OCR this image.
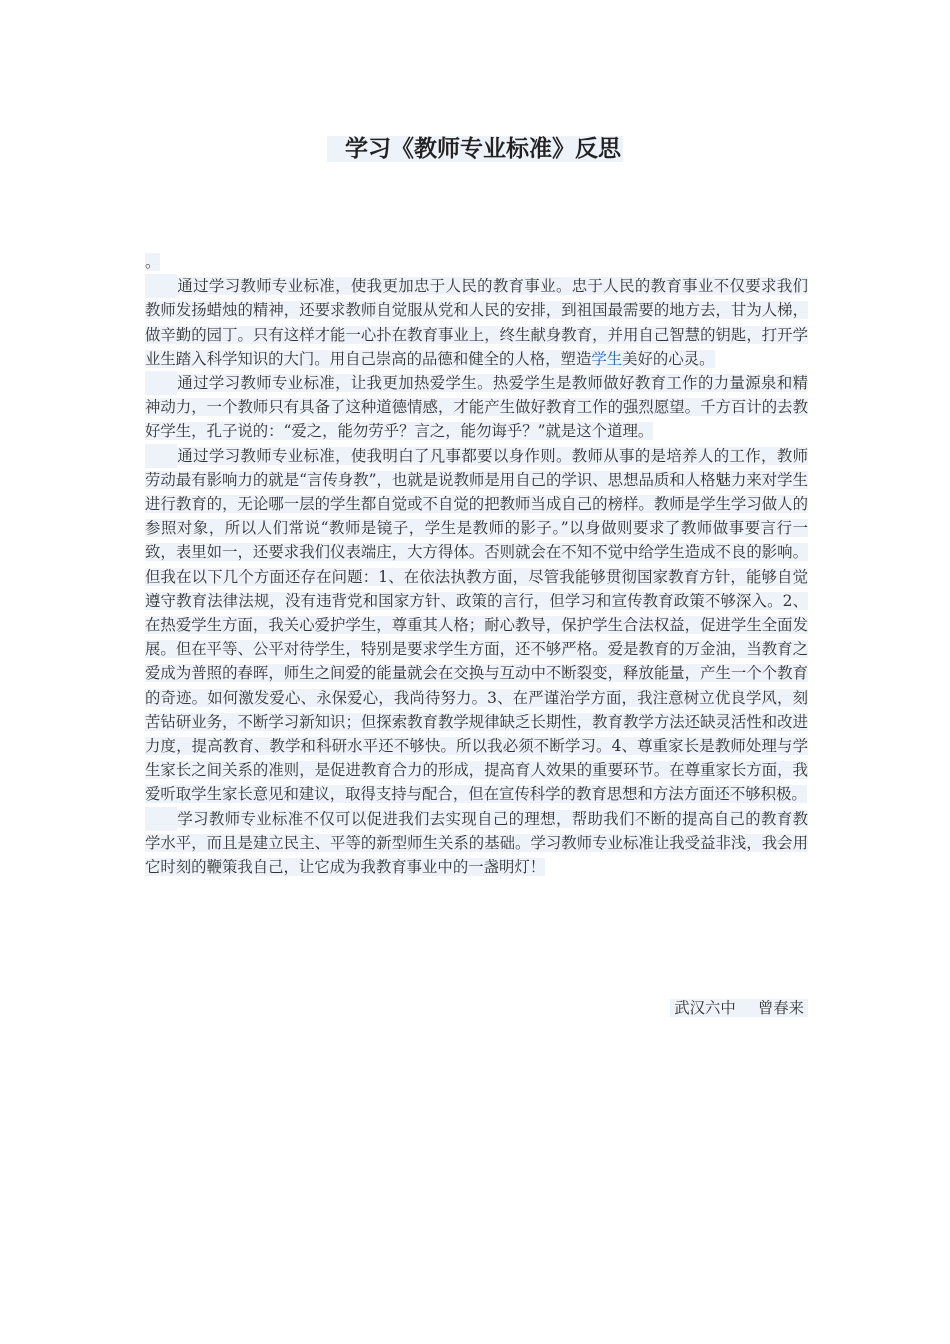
学习《教师专业标准》反思

。

通过学习教师专业标准，使我更加忠于人民的教育事业。忠于人民的教育事业不仅要求我们教师发扬蜡烛的精神，还要求教师自觉服从党和人民的安排，到祖国最需要的地方去，甘为人梯，做辛勤的园丁。只有这样才能一心扑在教育事业上，终生献身教育，并用自己智慧的钥匙，打开学业生踏入科学知识的大门。用自己崇高的品德和健全的人格，塑造学生美好的心灵。

通过学习教师专业标准，让我更加热爱学生。热爱学生是教师做好教育工作的力量源泉和精神动力，一个教师只有具备了这种道德情感，才能产生做好教育工作的强烈愿望。千方百计的去教好学生，孔子说的：“爱之，能勿劳乎？言之，能勿诲乎？”就是这个道理。

通过学习教师专业标准，使我明白了凡事都要以身作则。教师从事的是培养人的工作，教师劳动最有影响力的就是“言传身教”，也就是说教师是用自己的学识、思想品质和人格魅力来对学生进行教育的，无论哪一层的学生都自觉或不自觉的把教师当成自己的榜样。教师是学生学习做人的参照对象，所以人们常说“教师是镜子，学生是教师的影子。”以身做则要求了教师做事要言行一致，表里如一，还要求我们仪表端庄，大方得体。否则就会在不知不觉中给学生造成不良的影响。但我在以下几个方面还存在问题：1、在依法执教方面，尽管我能够贯彻国家教育方针，能够自觉遵守教育法律法规，没有违背党和国家方针、政策的言行，但学习和宣传教育政策不够深入。2、在热爱学生方面，我关心爱护学生，尊重其人格；耐心教导，保护学生合法权益，促进学生全面发展。但在平等、公平对待学生，特别是要求学生方面，还不够严格。爱是教育的万金油，当教育之爱成为普照的春晖，师生之间爱的能量就会在交换与互动中不断裂变，释放能量，产生一个个教育的奇迹。如何激发爱心、永保爱心，我尚待努力。3、在严谨治学方面，我注意树立优良学风，刻苦钻研业务，不断学习新知识；但探索教育教学规律缺乏长期性，教育教学方法还缺灵活性和改进力度，提高教育、教学和科研水平还不够快。所以我必须不断学习。4、尊重家长是教师处理与学生家长之间关系的准则，是促进教育合力的形成，提高育人效果的重要环节。在尊重家长方面，我爱听取学生家长意见和建议，取得支持与配合，但在宣传科学的教育思想和方法方面还不够积极。

学习教师专业标准不仅可以促进我们去实现自己的理想，帮助我们不断的提高自己的教育教学水平，而且是建立民主、平等的新型师生关系的基础。学习教师专业标准让我受益非浅，我会用它时刻的鞭策我自己，让它成为我教育事业中的一盏明灯！

武汉六中 曾春来
